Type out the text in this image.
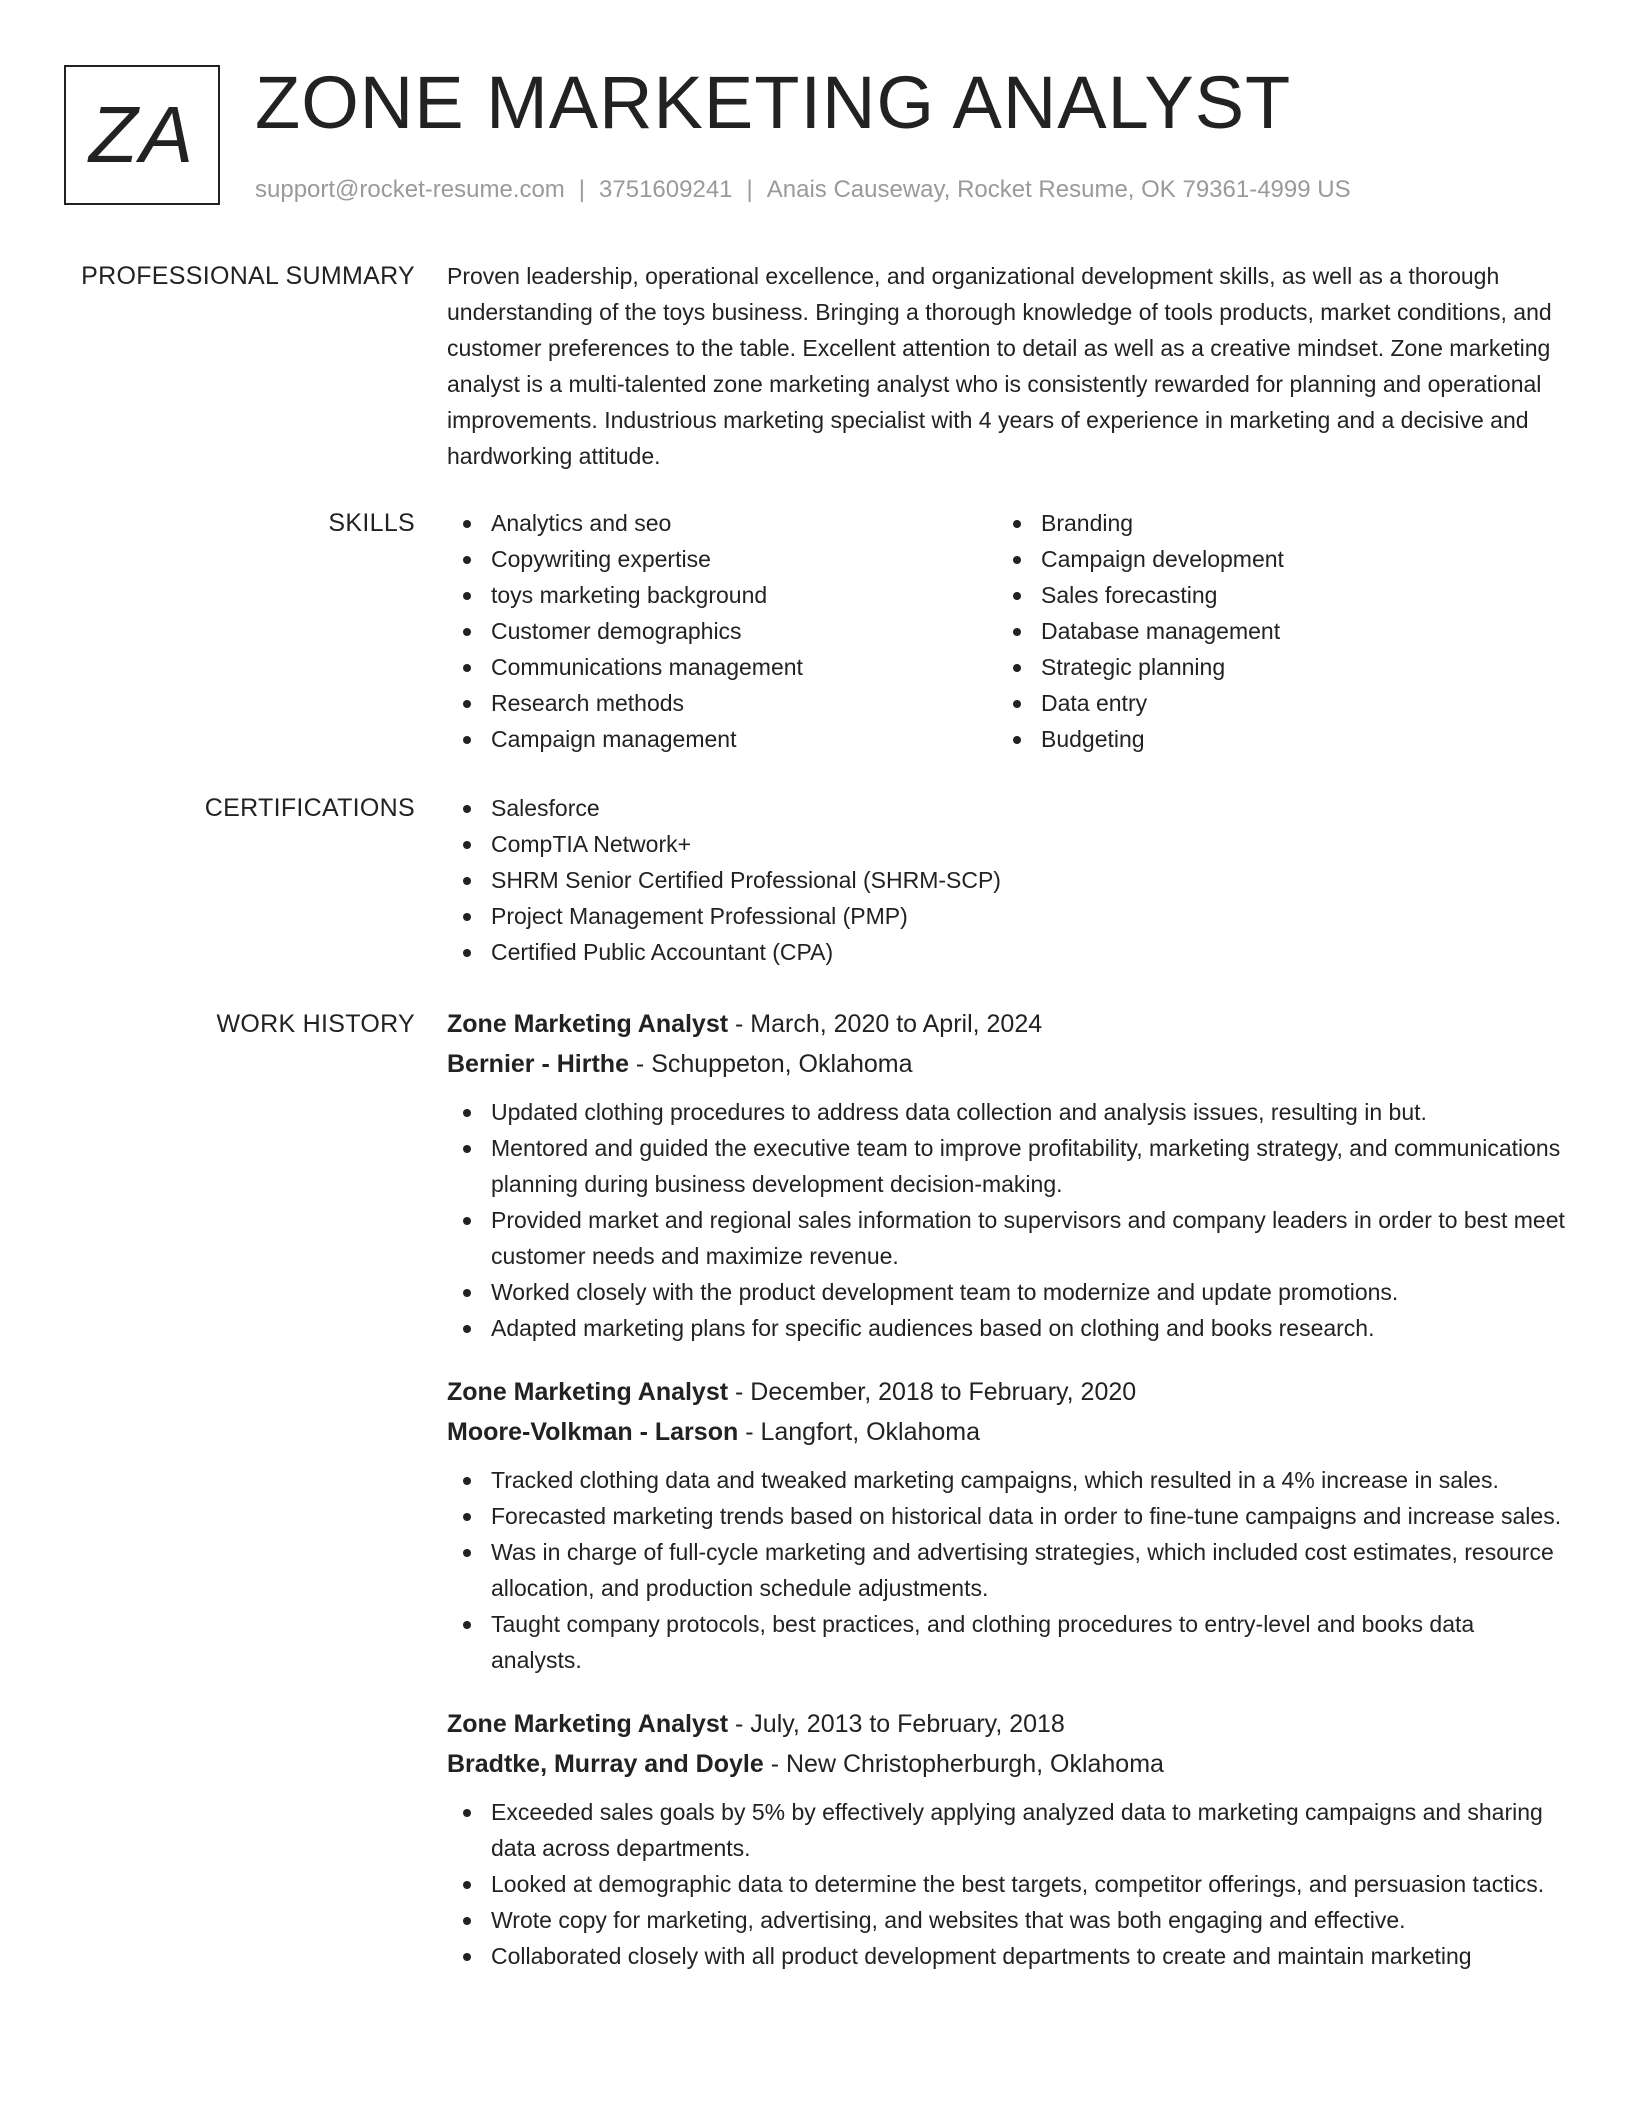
ZA ZONE MARKETING ANALYST
support@rocket-resume.com | 3751609241 | Anais Causeway, Rocket Resume, OK 79361-4999 US
PROFESSIONAL SUMMARY Proven leadership, operational excellence, and organizational development skills, as well as a thorough understanding of the toys business. Bringing a thorough knowledge of tools products, market conditions, and customer preferences to the table. Excellent attention to detail as well as a creative mindset. Zone marketing analyst is a multi-talented zone marketing analyst who is consistently rewarded for planning and operational improvements. Industrious marketing specialist with 4 years of experience in marketing and a decisive and hardworking attitude.
SKILLS	Analytics and seo
Copywriting expertise
toys marketing background
Customer demographics
Communications management
Research methods
Campaign management
Branding
Campaign development
Sales forecasting
Database management
Strategic planning
Data entry
Budgeting
CERTIFICATIONS	Salesforce
CompTIA Network+
SHRM Senior Certified Professional (SHRM-SCP)
Project Management Professional (PMP)
Certified Public Accountant (CPA)
WORK HISTORY Zone Marketing Analyst - March, 2020 to April, 2024
Bernier - Hirthe - Schuppeton, Oklahoma
Updated clothing procedures to address data collection and analysis issues, resulting in but.
Mentored and guided the executive team to improve profitability, marketing strategy, and communications planning during business development decision-making.
Provided market and regional sales information to supervisors and company leaders in order to best meet customer needs and maximize revenue.
Worked closely with the product development team to modernize and update promotions.
Adapted marketing plans for specific audiences based on clothing and books research.
Zone Marketing Analyst - December, 2018 to February, 2020
Moore-Volkman - Larson - Langfort, Oklahoma
Tracked clothing data and tweaked marketing campaigns, which resulted in a 4% increase in sales.
Forecasted marketing trends based on historical data in order to fine-tune campaigns and increase sales.
Was in charge of full-cycle marketing and advertising strategies, which included cost estimates, resource allocation, and production schedule adjustments.
Taught company protocols, best practices, and clothing procedures to entry-level and books data analysts.
Zone Marketing Analyst - July, 2013 to February, 2018
Bradtke, Murray and Doyle - New Christopherburgh, Oklahoma
Exceeded sales goals by 5% by effectively applying analyzed data to marketing campaigns and sharing data across departments.
Looked at demographic data to determine the best targets, competitor offerings, and persuasion tactics.
Wrote copy for marketing, advertising, and websites that was both engaging and effective.
Collaborated closely with all product development departments to create and maintain marketing
